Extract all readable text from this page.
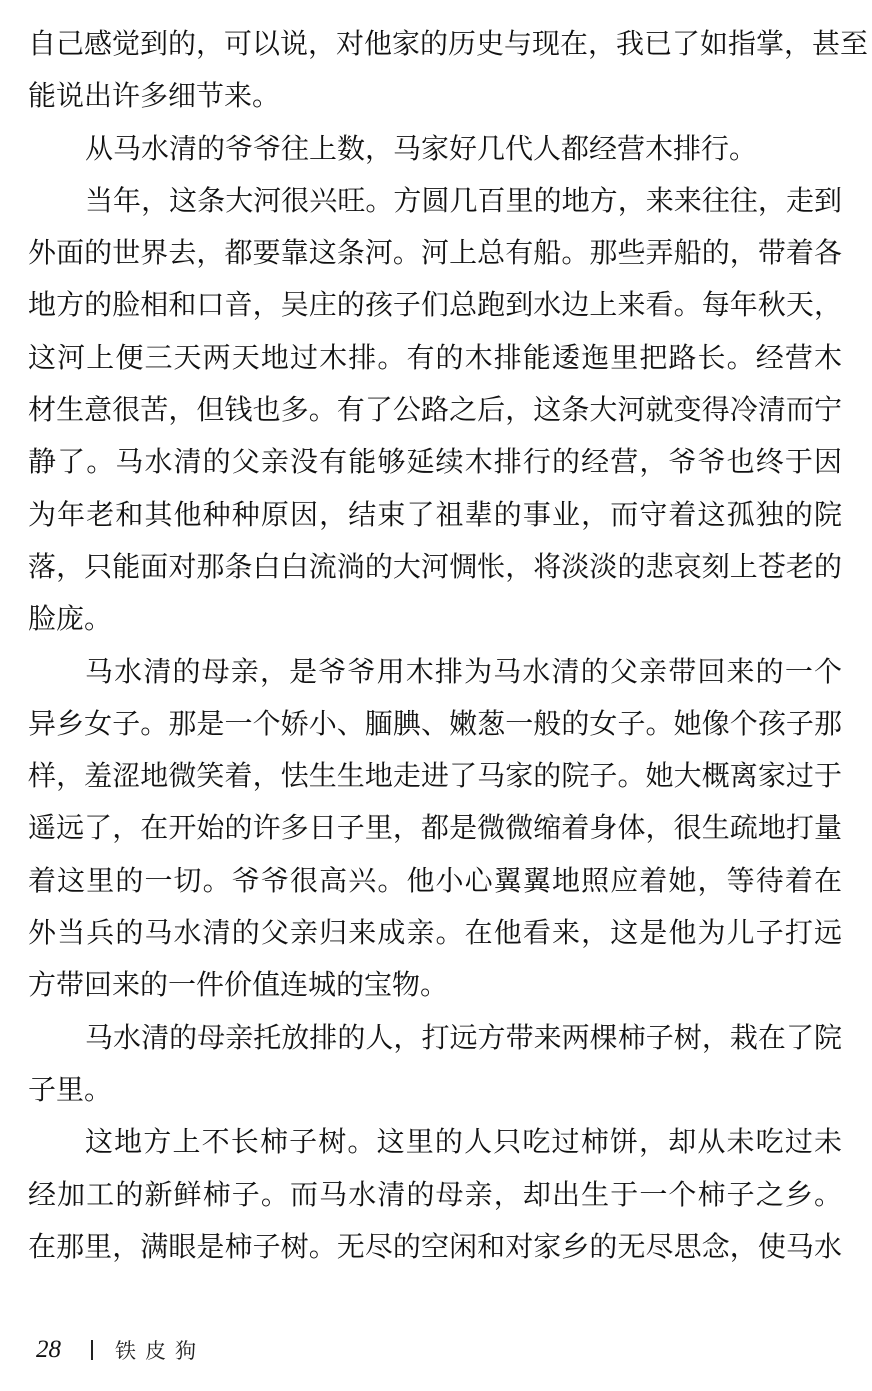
自己感觉到的，可以说，对他家的历史与现在，我已了如指掌，甚至
能说出许多细节来。
从马水清的爷爷往上数，马家好几代人都经营木排行。
当年，这条大河很兴旺。方圆几百里的地方，来来往往，走到
外面的世界去，都要靠这条河。河上总有船。那些弄船的，带着各
地方的脸相和口音，吴庄的孩子们总跑到水边上来看。每年秋天，
这河上便三天两天地过木排。有的木排能逶迤里把路长。经营木
材生意很苦，但钱也多。有了公路之后，这条大河就变得冷清而宁
静了。马水清的父亲没有能够延续木排行的经营，爷爷也终于因
为年老和其他种种原因，结束了祖辈的事业，而守着这孤独的院
落，只能面对那条白白流淌的大河惆怅，将淡淡的悲哀刻上苍老的
脸庞。
马水清的母亲，是爷爷用木排为马水清的父亲带回来的一个
异乡女子。那是一个娇小、腼腆、嫩葱一般的女子。她像个孩子那
样，羞涩地微笑着，怯生生地走进了马家的院子。她大概离家过于
遥远了，在开始的许多日子里，都是微微缩着身体，很生疏地打量
着这里的一切。爷爷很高兴。他小心翼翼地照应着她，等待着在
外当兵的马水清的父亲归来成亲。在他看来，这是他为儿子打远
方带回来的一件价值连城的宝物。
马水清的母亲托放排的人，打远方带来两棵柿子树，栽在了院
子里。
这地方上不长柿子树。这里的人只吃过柿饼，却从未吃过未
经加工的新鲜柿子。而马水清的母亲，却出生于一个柿子之乡。
在那里，满眼是柿子树。无尽的空闲和对家乡的无尽思念，使马水
28	铁皮狗
